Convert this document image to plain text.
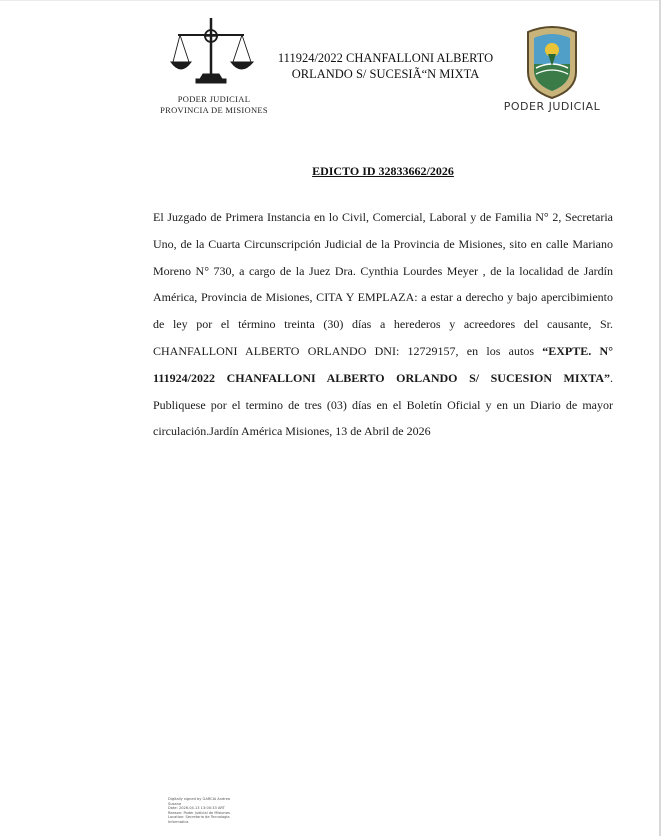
PODER JUDICIAL
PROVINCIA DE MISIONES
111924/2022 CHANFALLONI ALBERTO ORLANDO S/ SUCESIÃ“N MIXTA
PODER JUDICIAL
EDICTO ID 32833662/2026

El Juzgado de Primera Instancia en lo Civil, Comercial, Laboral y de Familia N° 2, Secretaria Uno, de la Cuarta Circunscripción Judicial de la Provincia de Misiones, sito en calle Mariano Moreno N° 730, a cargo de la Juez Dra. Cynthia Lourdes Meyer , de la localidad de Jardín América, Provincia de Misiones, CITA Y EMPLAZA: a estar a derecho y bajo apercibimiento de ley por el término treinta (30) días a herederos y acreedores del causante, Sr. CHANFALLONI ALBERTO ORLANDO DNI: 12729157, en los autos “EXPTE. N° 111924/2022 CHANFALLONI ALBERTO ORLANDO S/ SUCESION MIXTA”. Publiquese por el termino de tres (03) días en el Boletín Oficial y en un Diario de mayor circulación.Jardín América Misiones, 13 de Abril de 2026

Digitally signed by GARCIA Andrea
Susana
Date: 2026.04.13 13:00:33 ART
Reason: Poder Judicial de Misiones
Location: Secretaria de Tecnologia
Informatica
